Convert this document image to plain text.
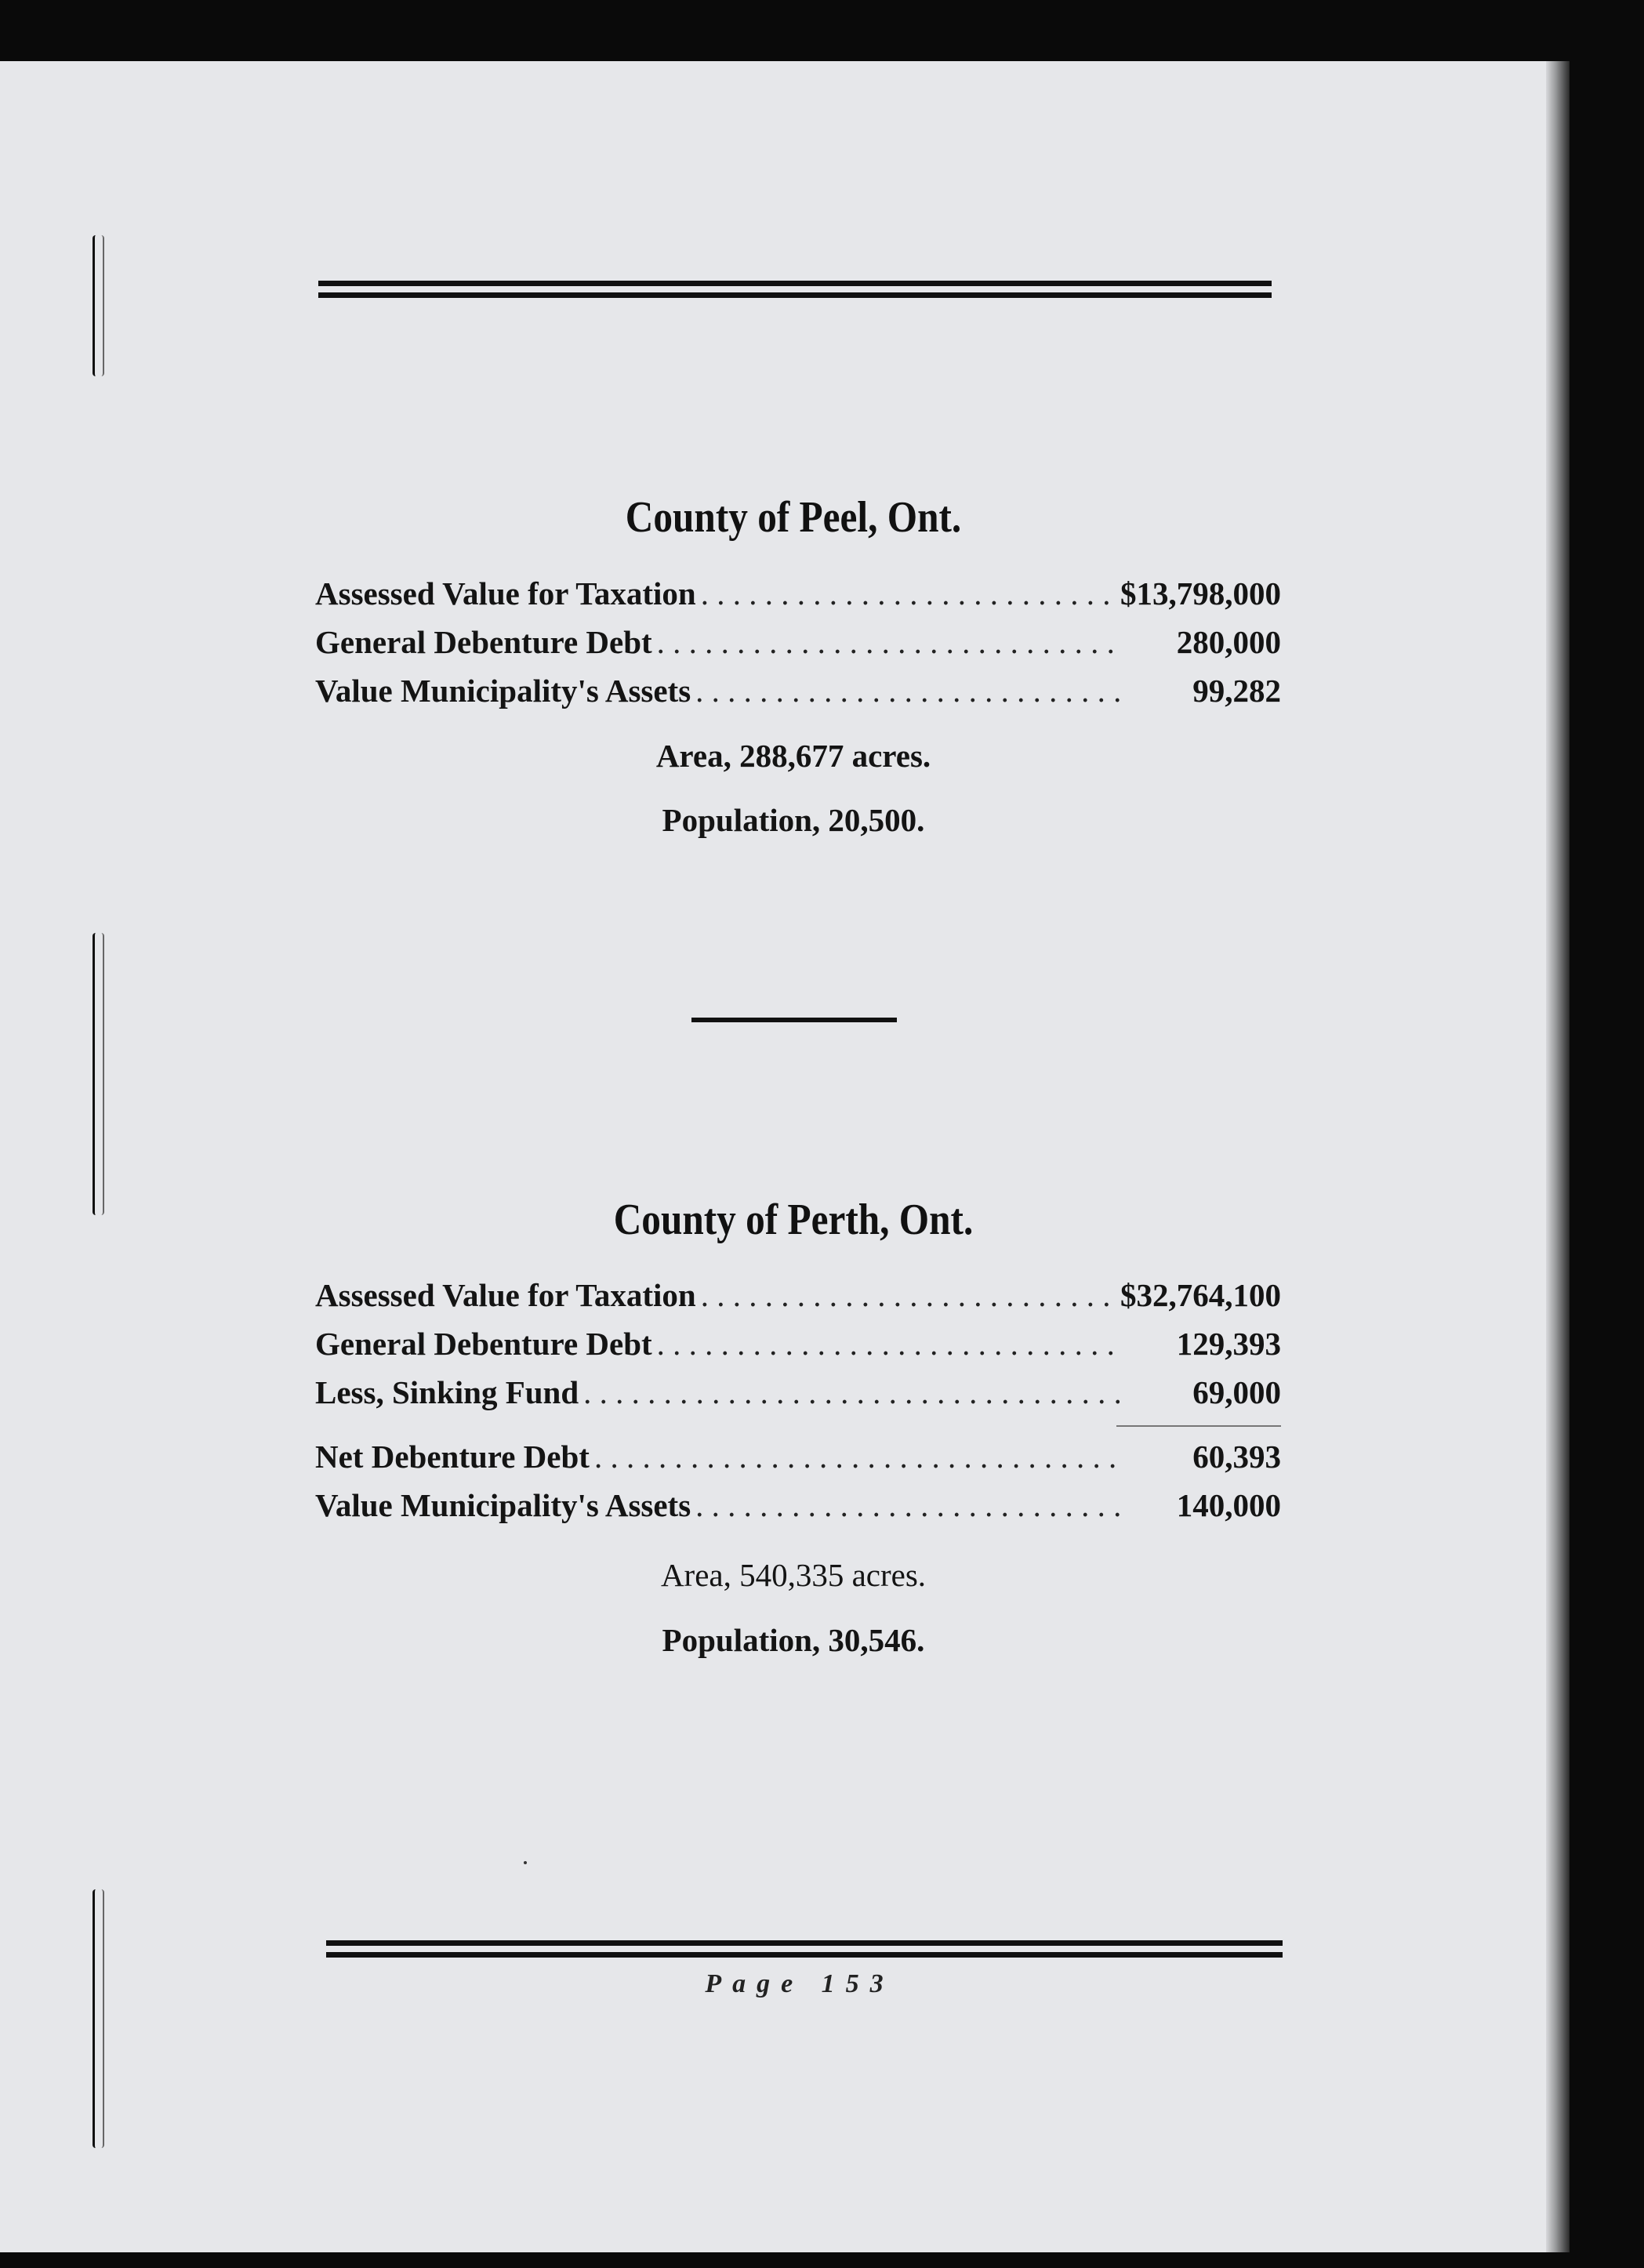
County of Peel, Ont.
Assessed Value for Taxation . . .	$13,798,000
General Debenture Debt . . .	280,000
Value Municipality's Assets . . .	99,282
Area, 288,677 acres.
Population, 20,500.
County of Perth, Ont.
Assessed Value for Taxation . . .	$32,764,100
General Debenture Debt . . .	129,393
Less, Sinking Fund . . .	69,000
Net Debenture Debt . . .	60,393
Value Municipality's Assets . . .	140,000
Area, 540,335 acres.
Population, 30,546.
Page 153
